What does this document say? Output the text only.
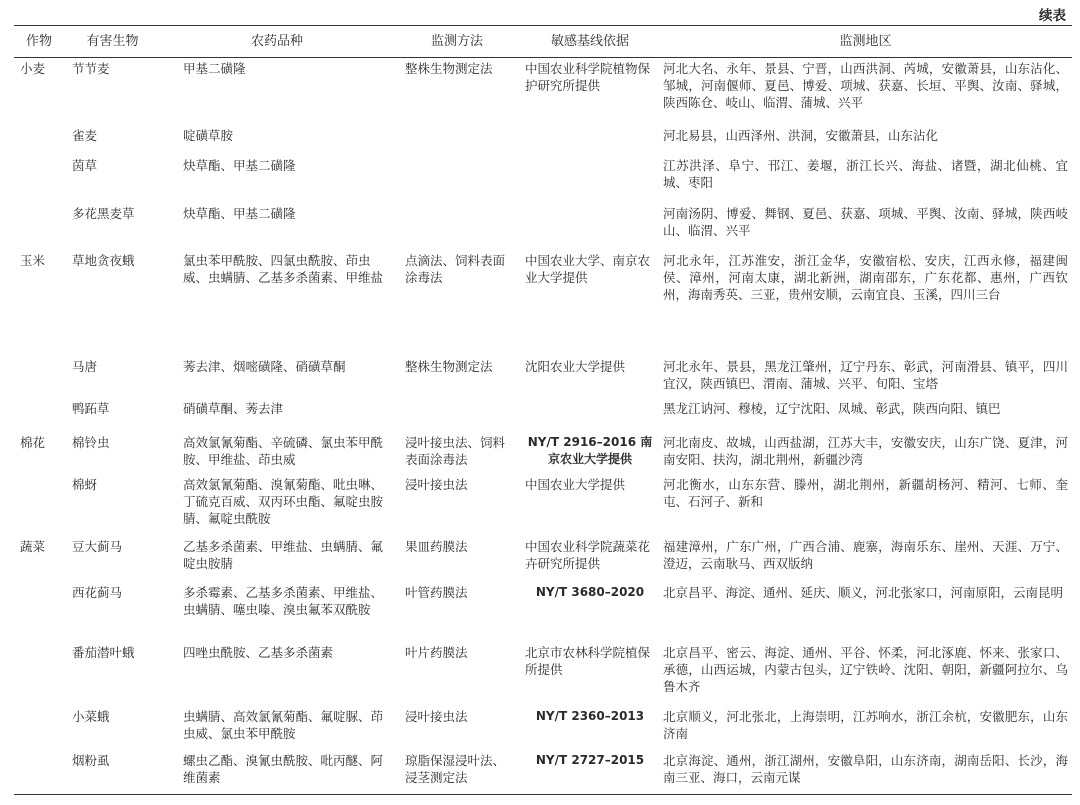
续表
作物	有害生物	农药品种	监测方法	敏感基线依据	监测地区
小麦	节节麦	甲基二磺隆	整株生物测定法	中国农业科学院植物保护研究所提供	河北大名、永年、景县、宁晋，山西洪洞、芮城，安徽萧县，山东沾化、邹城，河南偃师、夏邑、博爱、项城、获嘉、长垣、平舆、汝南、驿城，陕西陈仓、岐山、临渭、蒲城、兴平
	雀麦	啶磺草胺			河北易县，山西泽州、洪洞，安徽萧县，山东沾化
	茵草	炔草酯、甲基二磺隆			江苏洪泽、阜宁、邗江、姜堰，浙江长兴、海盐、诸暨，湖北仙桃、宜城、枣阳
	多花黑麦草	炔草酯、甲基二磺隆			河南汤阴、博爱、舞钢、夏邑、获嘉、项城、平舆、汝南、驿城，陕西岐山、临渭、兴平
玉米	草地贪夜蛾	氯虫苯甲酰胺、四氯虫酰胺、茚虫威、虫螨腈、乙基多杀菌素、甲维盐	点滴法、饲料表面涂毒法	中国农业大学、南京农业大学提供	河北永年，江苏淮安，浙江金华，安徽宿松、安庆，江西永修，福建闽侯、漳州，河南太康，湖北新洲，湖南邵东，广东花都、惠州，广西钦州，海南秀英、三亚，贵州安顺，云南宜良、玉溪，四川三台
	马唐	莠去津、烟嘧磺隆、硝磺草酮	整株生物测定法	沈阳农业大学提供	河北永年、景县，黑龙江肇州，辽宁丹东、彰武，河南滑县、镇平，四川宜汉，陕西镇巴、渭南、蒲城、兴平、旬阳、宝塔
	鸭跖草	硝磺草酮、莠去津			黑龙江讷河、穆棱，辽宁沈阳、凤城、彰武，陕西向阳、镇巴
棉花	棉铃虫	高效氯氰菊酯、辛硫磷、氯虫苯甲酰胺、甲维盐、茚虫威	浸叶接虫法、饲料表面涂毒法	NY/T 2916–2016 南京农业大学提供	河北南皮、故城，山西盐湖，江苏大丰，安徽安庆，山东广饶、夏津，河南安阳、扶沟，湖北荆州，新疆沙湾
	棉蚜	高效氯氰菊酯、溴氰菊酯、吡虫啉、丁硫克百威、双丙环虫酯、氟啶虫胺腈、氟啶虫酰胺	浸叶接虫法	中国农业大学提供	河北衡水，山东东营、滕州，湖北荆州，新疆胡杨河、精河、七师、奎屯、石河子、新和
蔬菜	豆大蓟马	乙基多杀菌素、甲维盐、虫螨腈、氟啶虫胺腈	果皿药膜法	中国农业科学院蔬菜花卉研究所提供	福建漳州，广东广州，广西合浦、鹿寨，海南乐东、崖州、天涯、万宁、澄迈，云南耿马、西双版纳
	西花蓟马	多杀霉素、乙基多杀菌素、甲维盐、虫螨腈、噻虫嗪、溴虫氟苯双酰胺	叶管药膜法	NY/T 3680–2020	北京昌平、海淀、通州、延庆、顺义，河北张家口，河南原阳，云南昆明
	番茄潜叶蛾	四唑虫酰胺、乙基多杀菌素	叶片药膜法	北京市农林科学院植保所提供	北京昌平、密云、海淀、通州、平谷、怀柔，河北涿鹿、怀来、张家口、承德，山西运城，内蒙古包头，辽宁铁岭、沈阳、朝阳，新疆阿拉尔、乌鲁木齐
	小菜蛾	虫螨腈、高效氯氰菊酯、氟啶脲、茚虫威、氯虫苯甲酰胺	浸叶接虫法	NY/T 2360–2013	北京顺义，河北张北，上海崇明，江苏响水，浙江余杭，安徽肥东，山东济南
	烟粉虱	螺虫乙酯、溴氰虫酰胺、吡丙醚、阿维菌素	琼脂保湿浸叶法、浸茎测定法	NY/T 2727–2015	北京海淀、通州，浙江湖州，安徽阜阳，山东济南，湖南岳阳、长沙，海南三亚、海口，云南元谋
